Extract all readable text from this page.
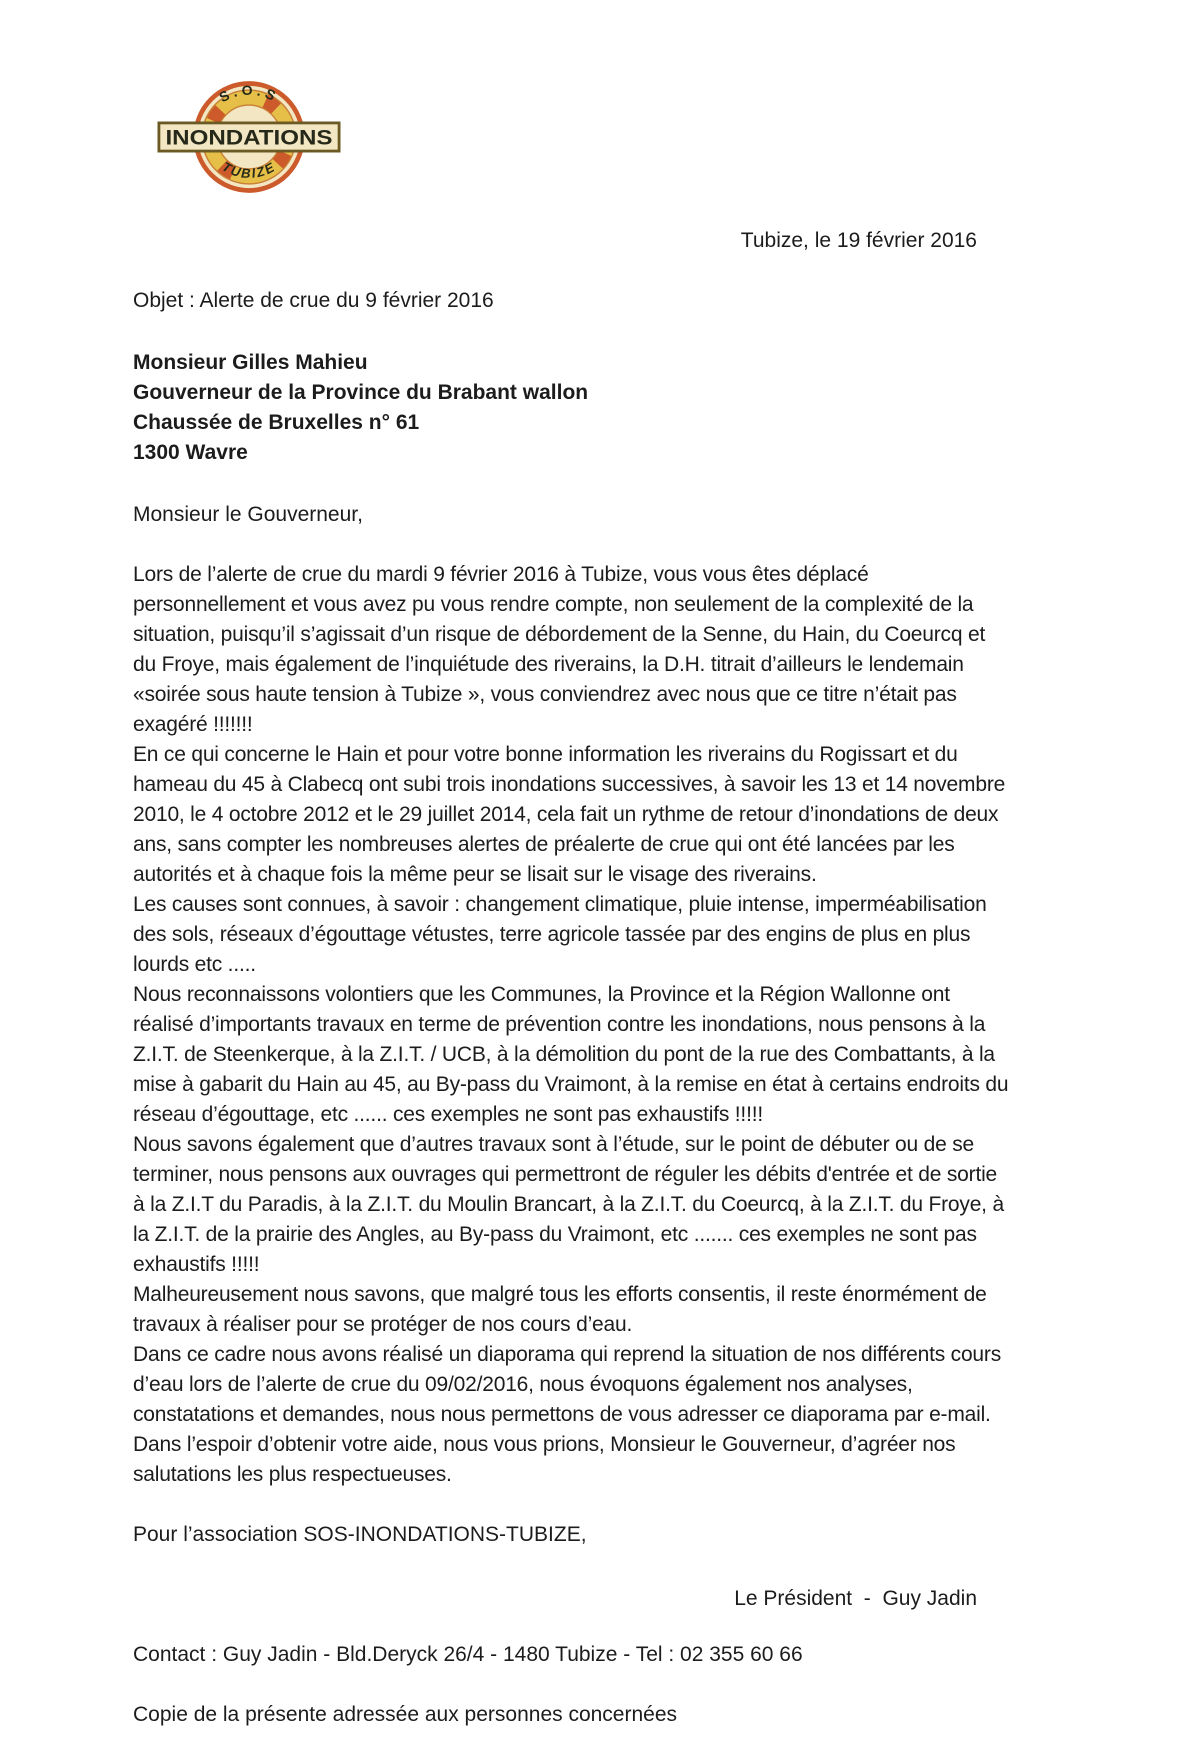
S.O.S
INONDATIONS
TUBIZE
Tubize, le 19 février 2016
Objet : Alerte de crue du 9 février 2016
Monsieur Gilles Mahieu
Gouverneur de la Province du Brabant wallon
Chaussée de Bruxelles n° 61
1300 Wavre
Monsieur le Gouverneur,

Lors de l’alerte de crue du mardi 9 février 2016 à Tubize, vous vous êtes déplacé personnellement et vous avez pu vous rendre compte, non seulement de la complexité de la situation, puisqu’il s’agissait d’un risque de débordement de la Senne, du Hain, du Coeurcq et du Froye, mais également de l’inquiétude des riverains, la D.H. titrait d’ailleurs le lendemain «soirée sous haute tension à Tubize », vous conviendrez avec nous que ce titre n’était pas exagéré !!!!!!!

En ce qui concerne le Hain et pour votre bonne information les riverains du Rogissart et du hameau du 45 à Clabecq ont subi trois inondations successives, à savoir les 13 et 14 novembre 2010, le 4 octobre 2012 et le 29 juillet 2014, cela fait un rythme de retour d’inondations de deux ans, sans compter les nombreuses alertes de préalerte de crue qui ont été lancées par les autorités et à chaque fois la même peur se lisait sur le visage des riverains.

Les causes sont connues, à savoir : changement climatique, pluie intense, imperméabilisation des sols, réseaux d’égouttage vétustes, terre agricole tassée par des engins de plus en plus lourds etc .....

Nous reconnaissons volontiers que les Communes, la Province et la Région Wallonne ont réalisé d’importants travaux en terme de prévention contre les inondations, nous pensons à la Z.I.T. de Steenkerque, à la Z.I.T. / UCB, à la démolition du pont de la rue des Combattants, à la mise à gabarit du Hain au 45, au By-pass du Vraimont, à la remise en état à certains endroits du réseau d’égouttage, etc ...... ces exemples ne sont pas exhaustifs !!!!!

Nous savons également que d’autres travaux sont à l’étude, sur le point de débuter ou de se terminer, nous pensons aux ouvrages qui permettront de réguler les débits d'entrée et de sortie à la Z.I.T du Paradis, à la Z.I.T. du Moulin Brancart, à la Z.I.T. du Coeurcq, à la Z.I.T. du Froye, à la Z.I.T. de la prairie des Angles, au By-pass du Vraimont, etc ....... ces exemples ne sont pas exhaustifs !!!!!

Malheureusement nous savons, que malgré tous les efforts consentis, il reste énormément de travaux à réaliser pour se protéger de nos cours d’eau.

Dans ce cadre nous avons réalisé un diaporama qui reprend la situation de nos différents cours d’eau lors de l’alerte de crue du 09/02/2016, nous évoquons également nos analyses, constatations et demandes, nous nous permettons de vous adresser ce diaporama par e-mail.

Dans l’espoir d’obtenir votre aide, nous vous prions, Monsieur le Gouverneur, d’agréer nos salutations les plus respectueuses.

Pour l’association SOS-INONDATIONS-TUBIZE,
Le Président  -  Guy Jadin
Contact : Guy Jadin - Bld.Deryck 26/4 - 1480 Tubize - Tel : 02 355 60 66
Copie de la présente adressée aux personnes concernées
